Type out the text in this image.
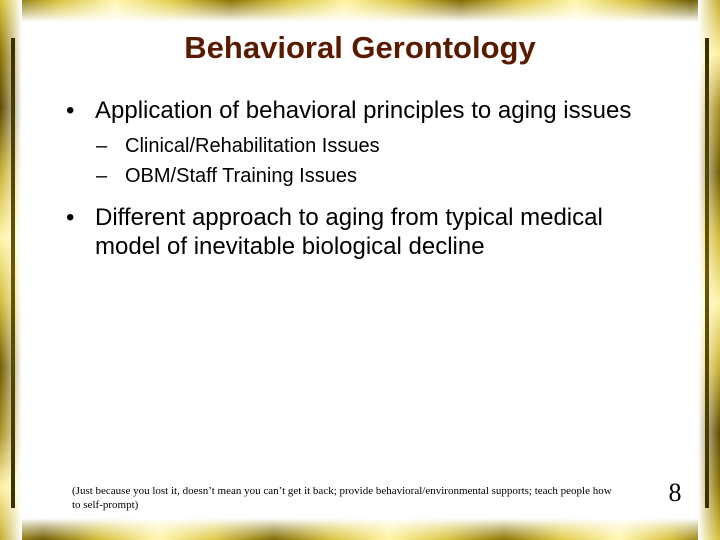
Behavioral Gerontology
• Application of behavioral principles to aging issues
– Clinical/Rehabilitation Issues
– OBM/Staff Training Issues
• Different approach to aging from typical medical model of inevitable biological decline
(Just because you lost it, doesn’t mean you can’t get it back; provide behavioral/environmental supports; teach people how to self-prompt)	8
